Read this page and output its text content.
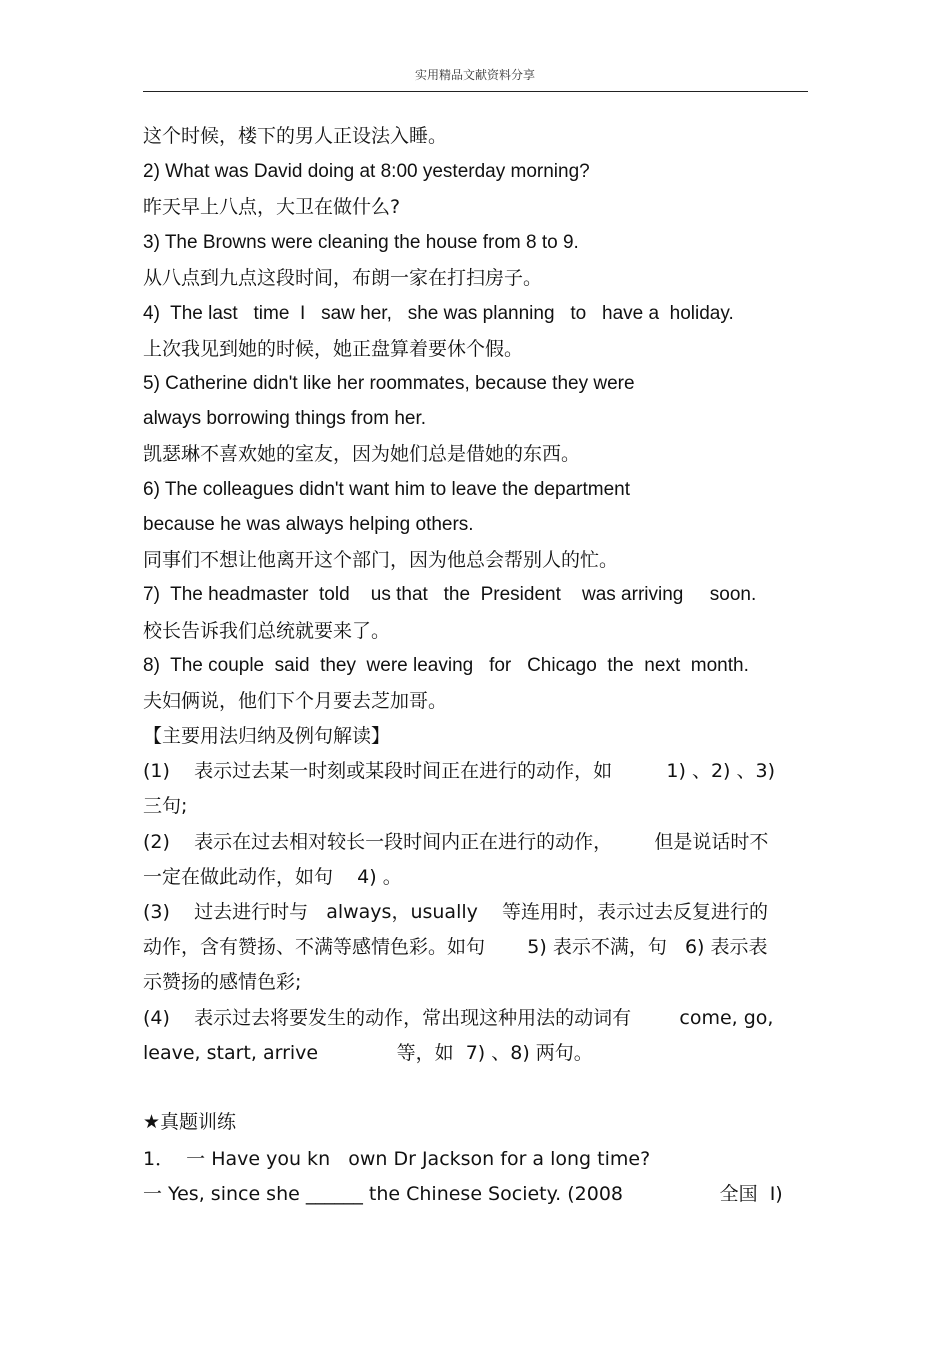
实用精品文献资料分享
这个时候，楼下的男人正设法入睡。
2) What was David doing at 8:00 yesterday morning?
昨天早上八点，大卫在做什么?
3) The Browns were cleaning the house from 8 to 9.
从八点到九点这段时间，布朗一家在打扫房子。
4)  The last   time  I   saw her,   she was planning   to   have a  holiday.
上次我见到她的时候，她正盘算着要休个假。
5) Catherine didn't like her roommates, because they were
always borrowing things from her.
凯瑟琳不喜欢她的室友，因为她们总是借她的东西。
6) The colleagues didn't want him to leave the department
because he was always helping others.
同事们不想让他离开这个部门，因为他总会帮别人的忙。
7)  The headmaster  told    us that   the  President    was arriving     soon.
校长告诉我们总统就要来了。
8)  The couple  said  they  were leaving   for   Chicago  the  next  month.
夫妇俩说，他们下个月要去芝加哥。
【主要用法归纳及例句解读】
(1)    表示过去某一时刻或某段时间正在进行的动作，如         1) 、2) 、3)
三句;
(2)    表示在过去相对较长一段时间内正在进行的动作，       但是说话时不
一定在做此动作，如句    4) 。
(3)    过去进行时与   always，usually    等连用时，表示过去反复进行的
动作，含有赞扬、不满等感情色彩。如句       5) 表示不满，句   6) 表示表
示赞扬的感情色彩;
(4)    表示过去将要发生的动作，常出现这种用法的动词有        come, go,
leave, start, arrive             等，如  7) 、8) 两句。
★真题训练
1．  一 Have you kn   own Dr Jackson for a long time?
一 Yes, since she ______ the Chinese Society. (2008                全国  I)
